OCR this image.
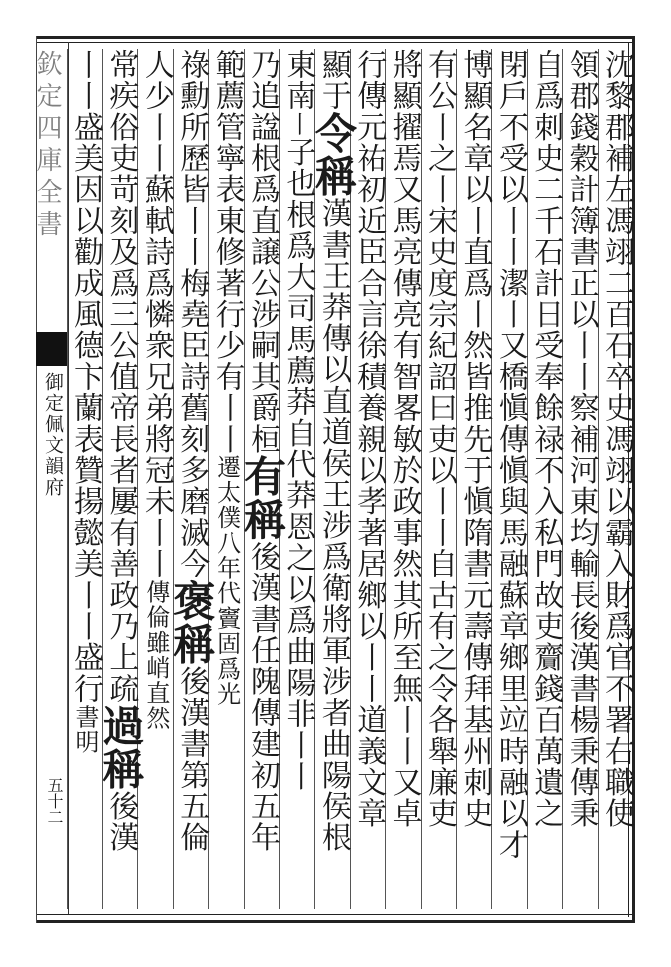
欽定四庫全書
御定佩文韻府
五十二	沈黎郡補左馮翊二百石卒史馮翊以霸入財爲官不署右職使
領郡錢穀計簿書正以丨丨察補河東均輸長後漢書楊秉傳秉
自爲刺史二千石計日受奉餘禄不入私門故吏齎錢百萬遺之
閉戶不受以丨丨潔丨又橋愼傳愼與馬融蘇章鄉里竝時融以才
博顯名章以丨直爲丨然皆推先于愼隋書元壽傳拜基州刺史
有公丨之丨宋史度宗紀詔曰吏以丨丨自古有之令各舉廉吏
將顯擢焉又馬亮傳亮有智畧敏於政事然其所至無丨丨又卓
行傳元祐初近臣合言徐積養親以孝著居鄉以丨丨道義文章
顯于令稱漢書王莽傳以直道侯王涉爲衛將軍涉者曲陽侯根
東南丨子也根爲大司馬薦莽自代莽恩之以爲曲陽非丨丨
乃追諡根爲直譲公涉嗣其爵桓有稱後漢書任隗傳建初五年
範薦管寧表東修著行少有丨丨遷太僕八年代竇固爲光
祿勳所歷皆丨丨梅堯臣詩舊刻多磨滅今褒稱後漢書第五倫
人少丨丨蘇軾詩爲憐衆兄弟將冠未丨丨傳倫雖峭直然
常疾俗吏苛刻及爲三公值帝長者屢有善政乃上疏過稱後漢
丨丨盛美因以勸成風德卞蘭表贊揚懿美丨丨盛行書明
